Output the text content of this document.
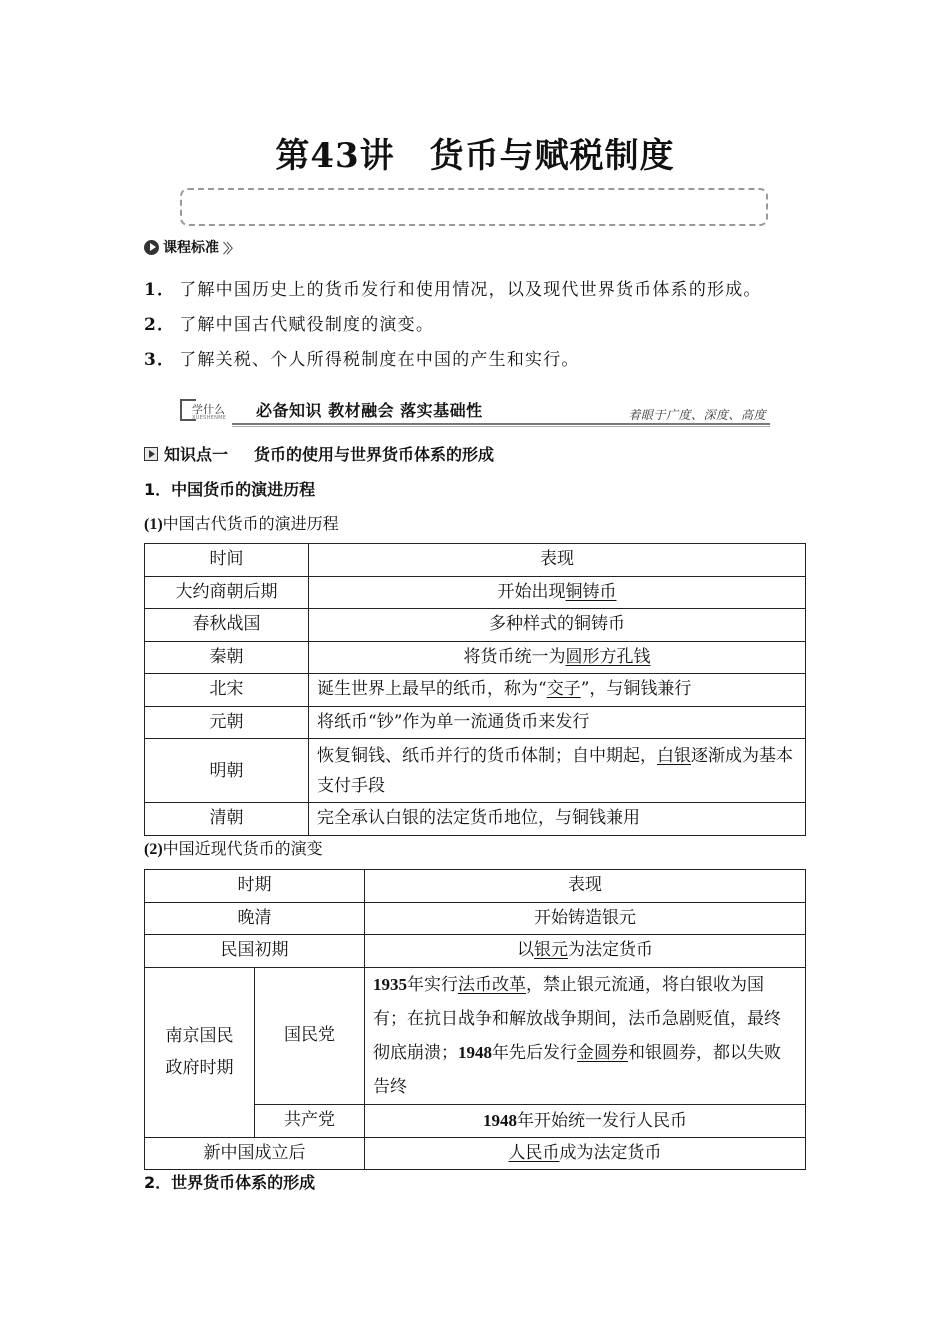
第43讲　货币与赋税制度
课程标准 〉〉

1． 了解中国历史上的货币发行和使用情况，以及现代世界货币体系的形成。

2． 了解中国古代赋役制度的演变。

3． 了解关税、个人所得税制度在中国的产生和实行。

学什么
XUESHENME 必备知识 教材融会 落实基础性	着眼于广度、深度、高度
知识点一 货币的使用与世界货币体系的形成

1．中国货币的演进历程

(1)中国古代货币的演进历程

时间	表现
大约商朝后期	开始出现铜铸币
春秋战国	多种样式的铜铸币
秦朝	将货币统一为圆形方孔钱
北宋	诞生世界上最早的纸币，称为“交子”，与铜钱兼行
元朝	将纸币“钞”作为单一流通货币来发行
明朝	恢复铜钱、纸币并行的货币体制；自中期起，白银逐渐成为基本支付手段
清朝	完全承认白银的法定货币地位，与铜钱兼用

(2)中国近现代货币的演变

时期		表现
晚清		开始铸造银元
民国初期		以银元为法定货币
南京国民政府时期	国民党	1935年实行法币改革，禁止银元流通，将白银收为国有；在抗日战争和解放战争期间，法币急剧贬值，最终彻底崩溃；1948年先后发行金圆券和银圆券，都以失败告终
	共产党	1948年开始统一发行人民币
新中国成立后		人民币成为法定货币

2．世界货币体系的形成
